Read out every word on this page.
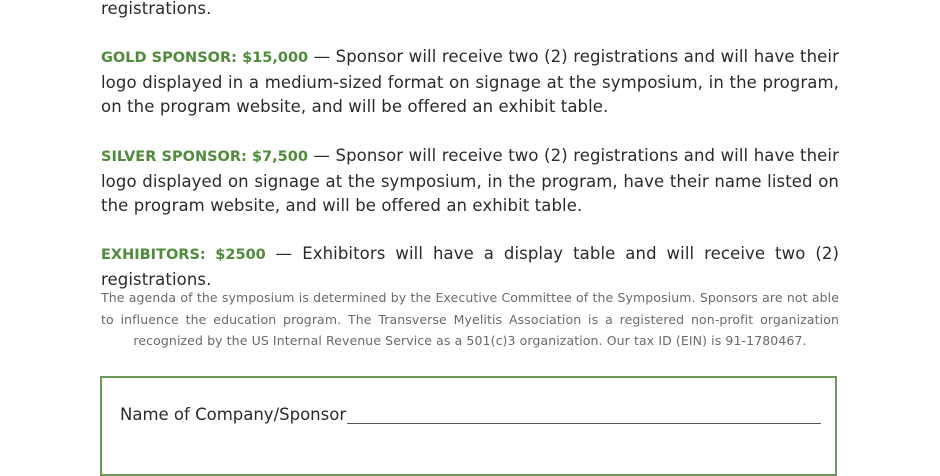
registrations.
GOLD SPONSOR: $15,000 — Sponsor will receive two (2) registrations and will have their logo displayed in a medium-sized format on signage at the symposium, in the program, on the program website, and will be offered an exhibit table.
SILVER SPONSOR: $7,500 — Sponsor will receive two (2) registrations and will have their logo displayed on signage at the symposium, in the program, have their name listed on the program website, and will be offered an exhibit table.
EXHIBITORS: $2500 — Exhibitors will have a display table and will receive two (2) registrations.
The agenda of the symposium is determined by the Executive Committee of the Symposium. Sponsors are not able to influence the education program. The Transverse Myelitis Association is a registered non-profit organization recognized by the US Internal Revenue Service as a 501(c)3 organization. Our tax ID (EIN) is 91-1780467.
Name of Company/Sponsor
